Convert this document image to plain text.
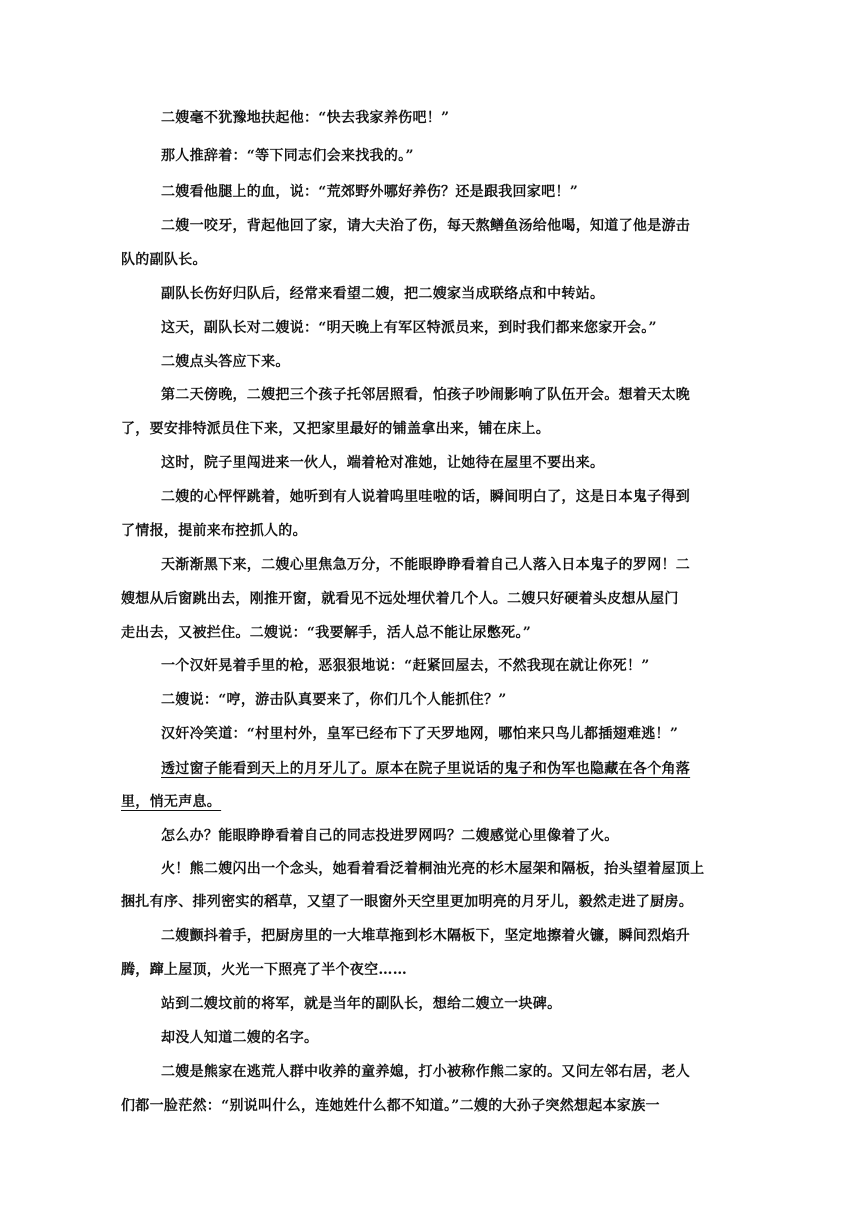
二嫂毫不犹豫地扶起他：“快去我家养伤吧！”
那人推辞着：“等下同志们会来找我的。”
二嫂看他腿上的血，说：“荒郊野外哪好养伤？还是跟我回家吧！”
二嫂一咬牙，背起他回了家，请大夫治了伤，每天熬鳝鱼汤给他喝，知道了他是游击
队的副队长。
副队长伤好归队后，经常来看望二嫂，把二嫂家当成联络点和中转站。
这天，副队长对二嫂说：“明天晚上有军区特派员来，到时我们都来您家开会。”
二嫂点头答应下来。
第二天傍晚，二嫂把三个孩子托邻居照看，怕孩子吵闹影响了队伍开会。想着天太晚
了，要安排特派员住下来，又把家里最好的铺盖拿出来，铺在床上。
这时，院子里闯进来一伙人，端着枪对准她，让她待在屋里不要出来。
二嫂的心怦怦跳着，她听到有人说着呜里哇啦的话，瞬间明白了，这是日本鬼子得到
了情报，提前来布控抓人的。
天渐渐黑下来，二嫂心里焦急万分，不能眼睁睁看着自己人落入日本鬼子的罗网！二
嫂想从后窗跳出去，刚推开窗，就看见不远处埋伏着几个人。二嫂只好硬着头皮想从屋门
走出去，又被拦住。二嫂说：“我要解手，活人总不能让尿憋死。”
一个汉奸晃着手里的枪，恶狠狠地说：“赶紧回屋去，不然我现在就让你死！”
二嫂说：“哼，游击队真要来了，你们几个人能抓住？”
汉奸冷笑道：“村里村外，皇军已经布下了天罗地网，哪怕来只鸟儿都插翅难逃！”
透过窗子能看到天上的月牙儿了。原本在院子里说话的鬼子和伪军也隐藏在各个角落
里，悄无声息。
怎么办？能眼睁睁看着自己的同志投进罗网吗？二嫂感觉心里像着了火。
火！熊二嫂闪出一个念头，她看着看泛着桐油光亮的杉木屋架和隔板，抬头望着屋顶上
捆扎有序、排列密实的稻草，又望了一眼窗外天空里更加明亮的月牙儿，毅然走进了厨房。
二嫂颤抖着手，把厨房里的一大堆草拖到杉木隔板下，坚定地擦着火镰，瞬间烈焰升
腾，蹿上屋顶，火光一下照亮了半个夜空……
站到二嫂坟前的将军，就是当年的副队长，想给二嫂立一块碑。
却没人知道二嫂的名字。
二嫂是熊家在逃荒人群中收养的童养媳，打小被称作熊二家的。又问左邻右居，老人
们都一脸茫然：“别说叫什么，连她姓什么都不知道。”二嫂的大孙子突然想起本家族一
